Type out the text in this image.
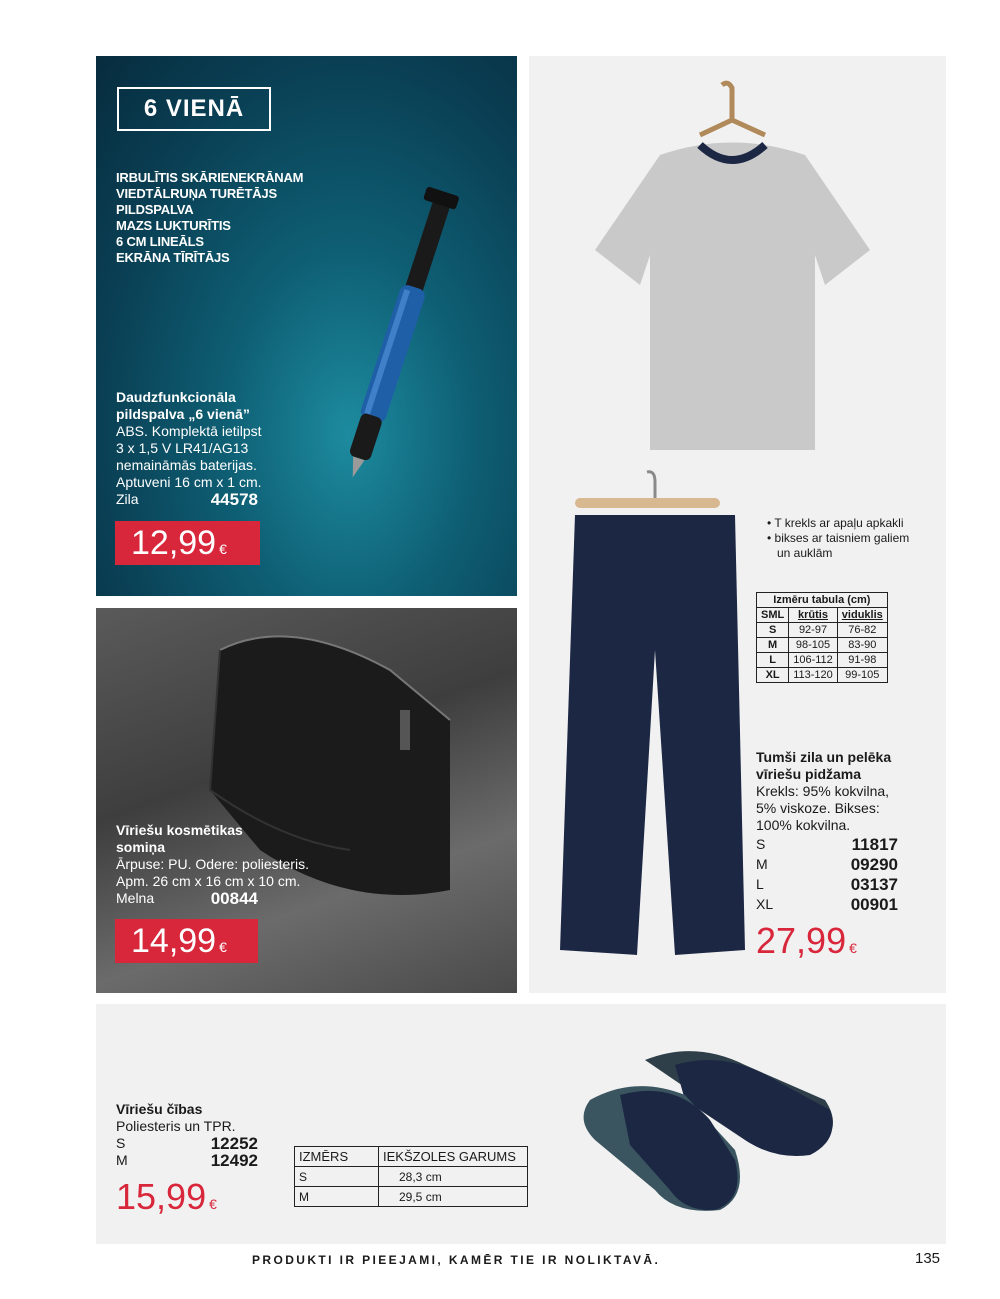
6 VIENĀ
IRBULĪTIS SKĀRIENEKRĀNAM
VIEDTĀLRUŅA TURĒTĀJS
PILDSPALVA
MAZS LUKTURĪTIS
6 CM LINEĀLS
EKRĀNA TĪRĪTĀJS
Daudzfunkcionāla
pildspalva „6 vienā”
ABS. Komplektā ietilpst
3 x 1,5 V LR41/AG13
nemaināmās baterijas.
Aptuveni 16 cm x 1 cm.
Zila	44578
12,99 €
Vīriešu kosmētikas
somiņa
Ārpuse: PU. Odere: poliesteris.
Apm. 26 cm x 16 cm x 10 cm.
Melna	00844
14,99 €
• T krekls ar apaļu apkakli
• bikses ar taisniem galiem
un auklām
Izmēru tabula (cm)
SML	krūtis	viduklis
S	92-97	76-82
M	98-105	83-90
L	106-112	91-98
XL	113-120	99-105
Tumši zila un pelēka
vīriešu pidžama
Krekls: 95% kokvilna,
5% viskoze. Bikses:
100% kokvilna.
S	11817
M	09290
L	03137
XL	00901
27,99 €
Vīriešu čības
Poliesteris un TPR.
S	12252
M	12492
15,99 €
IZMĒRS	IEKŠZOLES GARUMS
S	28,3 cm
M	29,5 cm
PRODUKTI IR PIEEJAMI, KAMĒR TIE IR NOLIKTAVĀ.	135
